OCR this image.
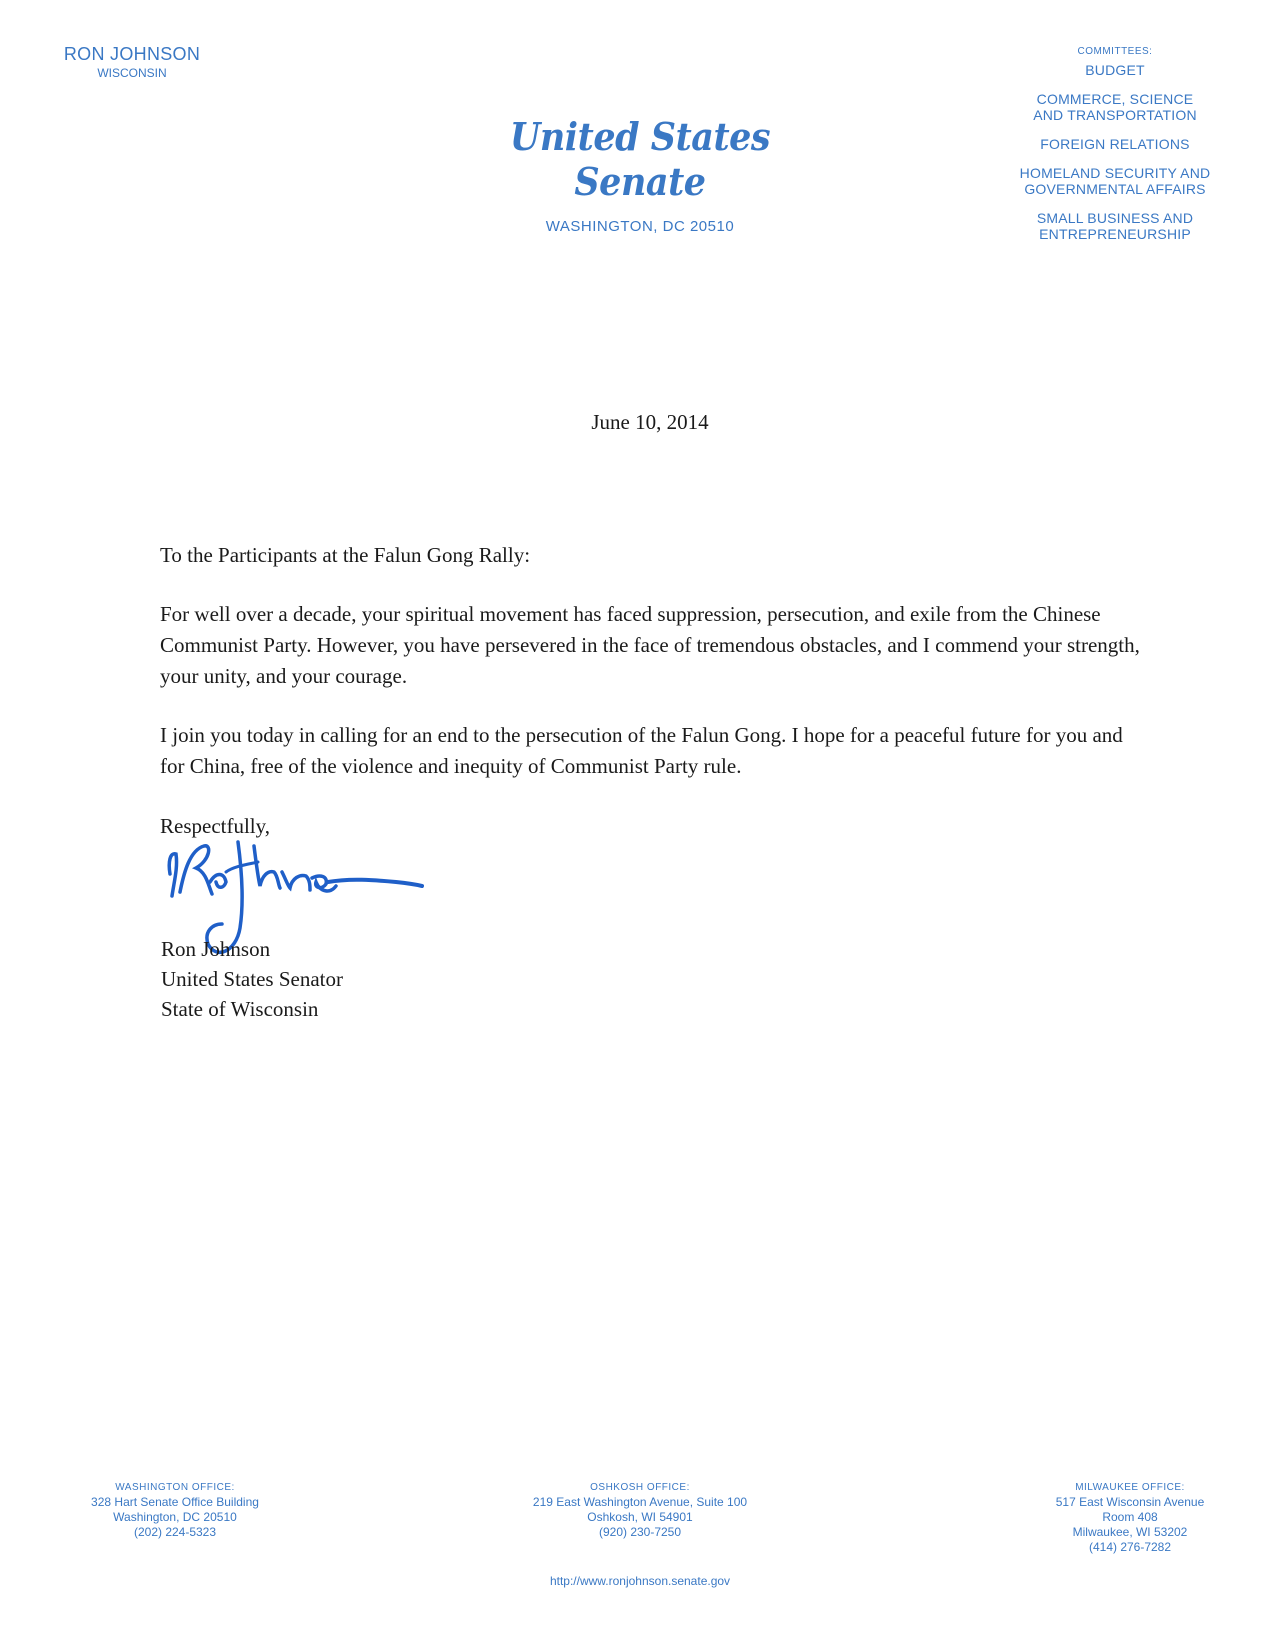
RON JOHNSON
WISCONSIN
United States Senate
WASHINGTON, DC 20510
COMMITTEES:
BUDGET
COMMERCE, SCIENCE
AND TRANSPORTATION
FOREIGN RELATIONS
HOMELAND SECURITY AND
GOVERNMENTAL AFFAIRS
SMALL BUSINESS AND
ENTREPRENEURSHIP
June 10, 2014

To the Participants at the Falun Gong Rally:

For well over a decade, your spiritual movement has faced suppression, persecution, and exile from the Chinese Communist Party. However, you have persevered in the face of tremendous obstacles, and I commend your strength, your unity, and your courage.

I join you today in calling for an end to the persecution of the Falun Gong. I hope for a peaceful future for you and for China, free of the violence and inequity of Communist Party rule.

Respectfully,
Ron Johnson
United States Senator
State of Wisconsin
WASHINGTON OFFICE:
328 Hart Senate Office Building
Washington, DC 20510
(202) 224-5323
OSHKOSH OFFICE:
219 East Washington Avenue, Suite 100
Oshkosh, WI 54901
(920) 230-7250
MILWAUKEE OFFICE:
517 East Wisconsin Avenue
Room 408
Milwaukee, WI 53202
(414) 276-7282
http://www.ronjohnson.senate.gov
